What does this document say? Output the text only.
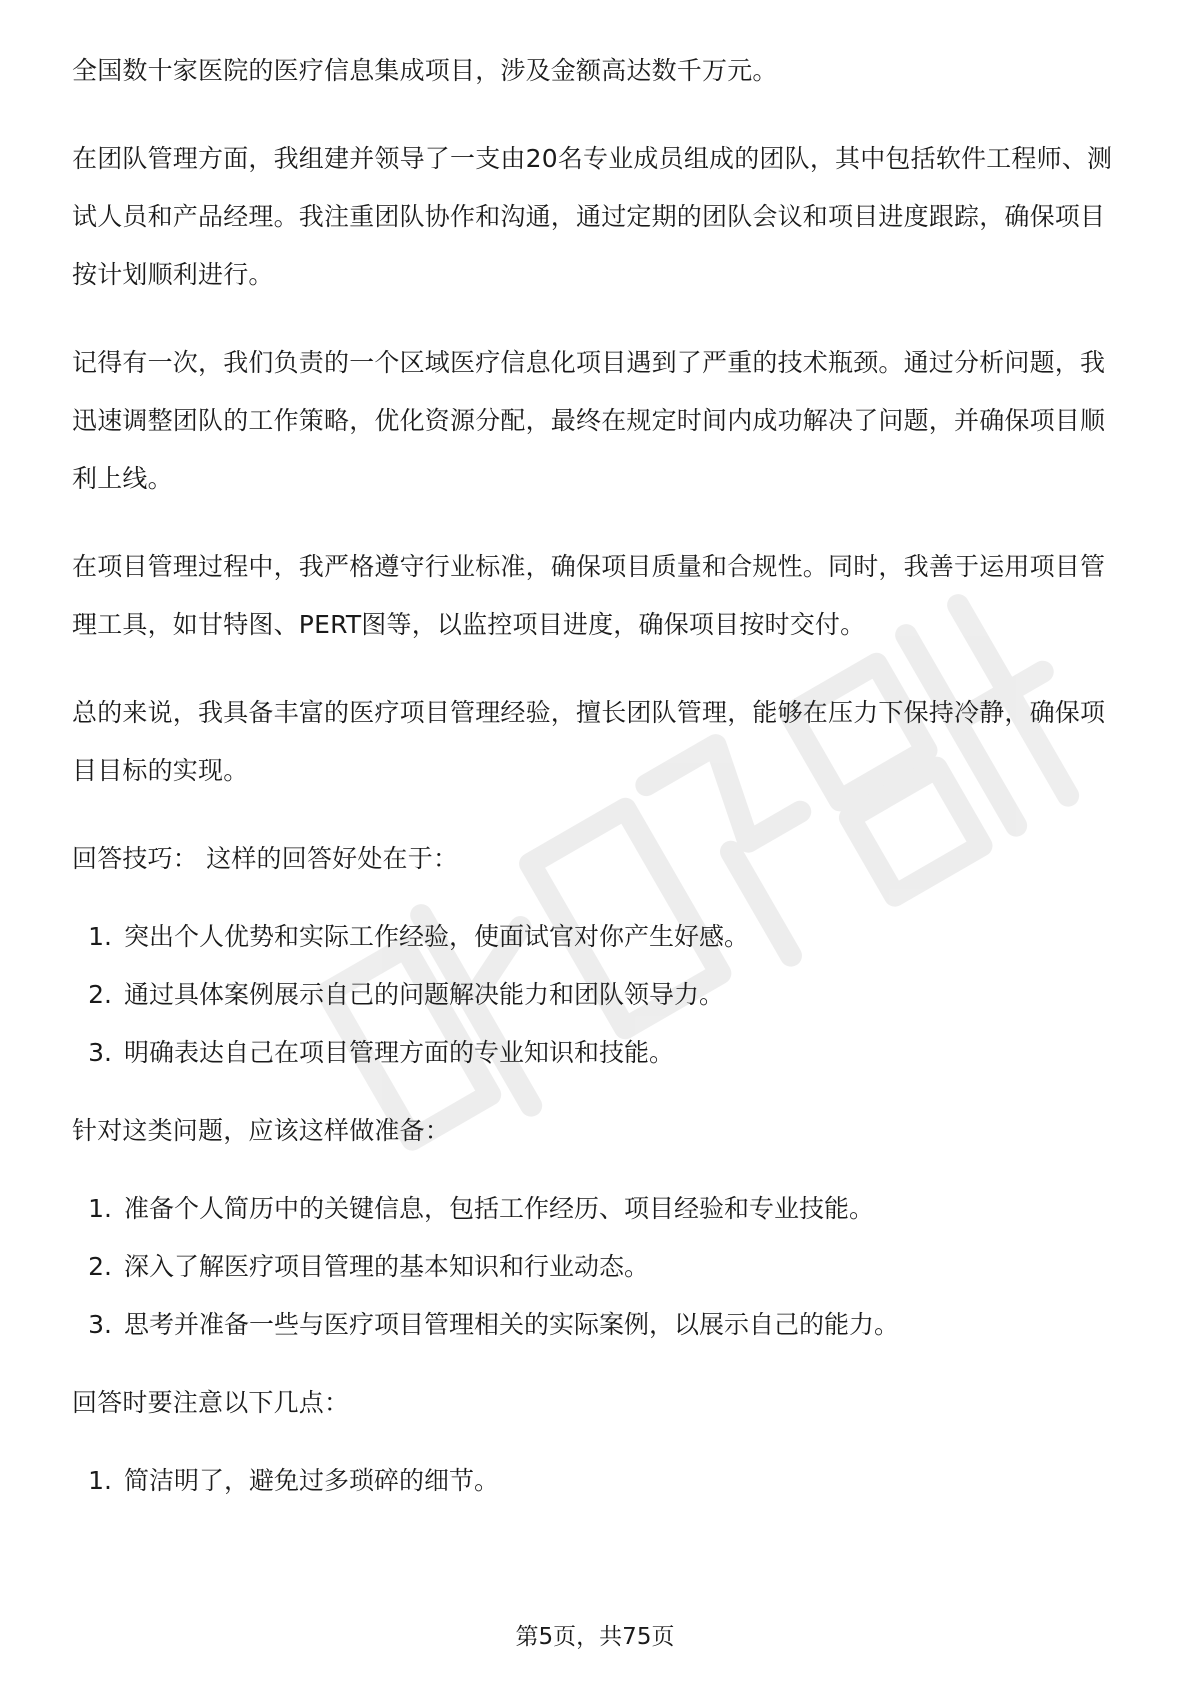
全国数十家医院的医疗信息集成项目，涉及金额高达数千万元。

在团队管理方面，我组建并领导了一支由20名专业成员组成的团队，其中包括软件工程师、测试人员和产品经理。我注重团队协作和沟通，通过定期的团队会议和项目进度跟踪，确保项目按计划顺利进行。

记得有一次，我们负责的一个区域医疗信息化项目遇到了严重的技术瓶颈。通过分析问题，我迅速调整团队的工作策略，优化资源分配，最终在规定时间内成功解决了问题，并确保项目顺利上线。

在项目管理过程中，我严格遵守行业标准，确保项目质量和合规性。同时，我善于运用项目管理工具，如甘特图、PERT图等，以监控项目进度，确保项目按时交付。

总的来说，我具备丰富的医疗项目管理经验，擅长团队管理，能够在压力下保持冷静，确保项目目标的实现。

回答技巧： 这样的回答好处在于：

1. 突出个人优势和实际工作经验，使面试官对你产生好感。
2. 通过具体案例展示自己的问题解决能力和团队领导力。
3. 明确表达自己在项目管理方面的专业知识和技能。

针对这类问题，应该这样做准备：

1. 准备个人简历中的关键信息，包括工作经历、项目经验和专业技能。
2. 深入了解医疗项目管理的基本知识和行业动态。
3. 思考并准备一些与医疗项目管理相关的实际案例，以展示自己的能力。

回答时要注意以下几点：

1. 简洁明了，避免过多琐碎的细节。
第5页，共75页
